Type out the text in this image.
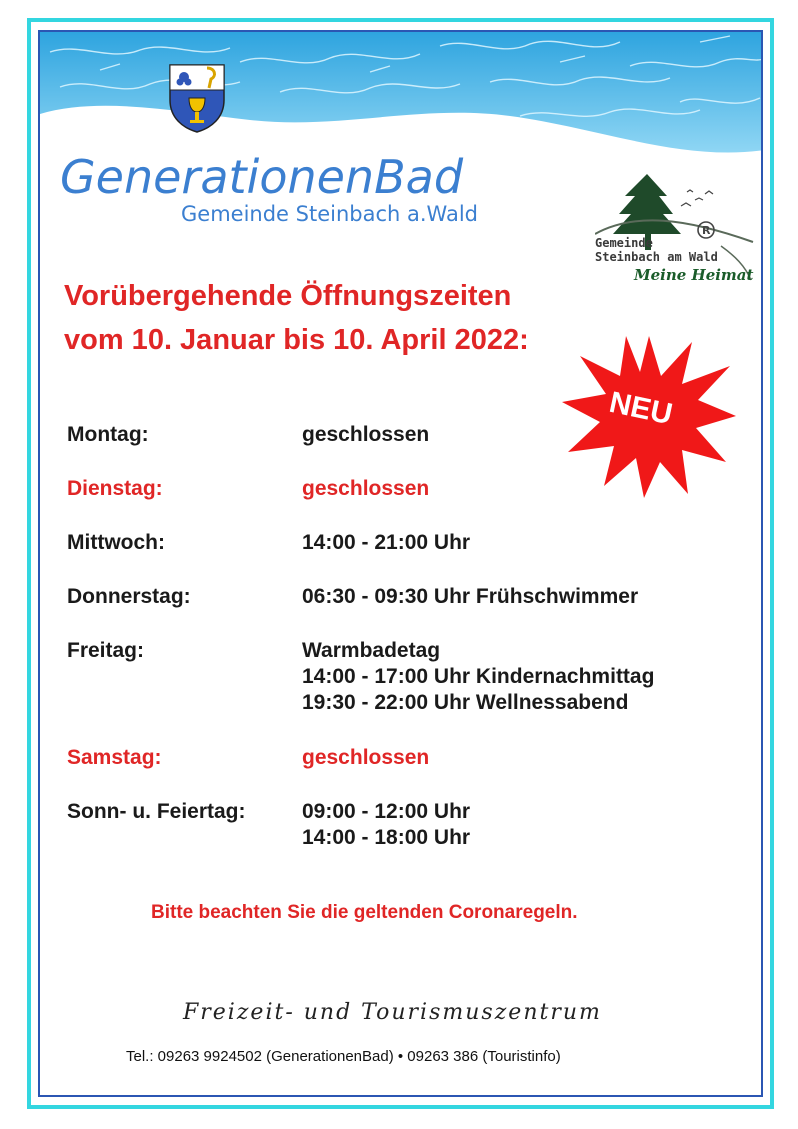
GenerationenBad
Gemeinde Steinbach a.Wald
R
Gemeinde
Steinbach am Wald
Meine Heimat
Vorübergehende Öffnungszeiten
vom 10. Januar bis 10. April 2022:
NEU
Montag:	geschlossen
Dienstag:	geschlossen
Mittwoch:	14:00 - 21:00 Uhr
Donnerstag:	06:30 - 09:30 Uhr Frühschwimmer
Freitag:	Warmbadetag
14:00 - 17:00 Uhr Kindernachmittag
19:30 - 22:00 Uhr Wellnessabend
Samstag:	geschlossen
Sonn- u. Feiertag:	09:00 - 12:00 Uhr
14:00 - 18:00 Uhr
Bitte beachten Sie die geltenden Coronaregeln.
Freizeit- und Tourismuszentrum
Tel.: 09263 9924502 (GenerationenBad) • 09263 386 (Touristinfo)
